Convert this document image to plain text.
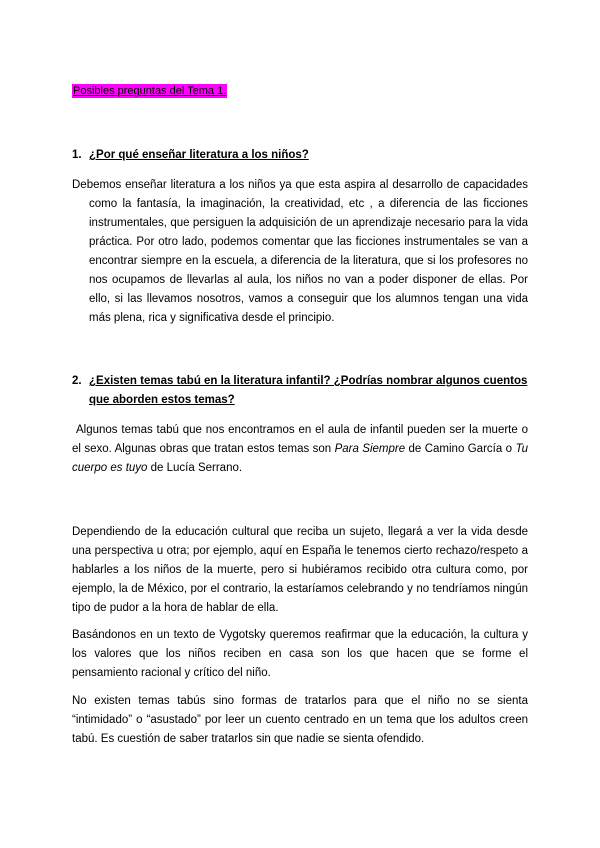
Posibles preguntas del Tema 1.
1. ¿Por qué enseñar literatura a los niños?
Debemos enseñar literatura a los niños ya que esta aspira al desarrollo de capacidades
como la fantasía, la imaginación, la creatividad, etc , a diferencia de las ficciones instrumentales, que persiguen la adquisición de un aprendizaje necesario para la vida práctica. Por otro lado, podemos comentar que las ficciones instrumentales se van a encontrar siempre en la escuela, a diferencia de la literatura, que si los profesores no nos ocupamos de llevarlas al aula, los niños no van a poder disponer de ellas. Por ello, si las llevamos nosotros, vamos a conseguir que los alumnos tengan una vida más plena, rica y significativa desde el principio.
2. ¿Existen temas tabú en la literatura infantil? ¿Podrías nombrar algunos cuentos
que aborden estos temas?

Algunos temas tabú que nos encontramos en el aula de infantil pueden ser la muerte o el sexo. Algunas obras que tratan estos temas son Para Siempre de Camino García o Tu cuerpo es tuyo de Lucía Serrano.

Dependiendo de la educación cultural que reciba un sujeto, llegará a ver la vida desde una perspectiva u otra; por ejemplo, aquí en España le tenemos cierto rechazo/respeto a hablarles a los niños de la muerte, pero si hubiéramos recibido otra cultura como, por ejemplo, la de México, por el contrario, la estaríamos celebrando y no tendríamos ningún tipo de pudor a la hora de hablar de ella.

Basándonos en un texto de Vygotsky queremos reafirmar que la educación, la cultura y los valores que los niños reciben en casa son los que hacen que se forme el pensamiento racional y crítico del niño.

No existen temas tabús sino formas de tratarlos para que el niño no se sienta “intimidado” o “asustado” por leer un cuento centrado en un tema que los adultos creen tabú. Es cuestión de saber tratarlos sin que nadie se sienta ofendido.
